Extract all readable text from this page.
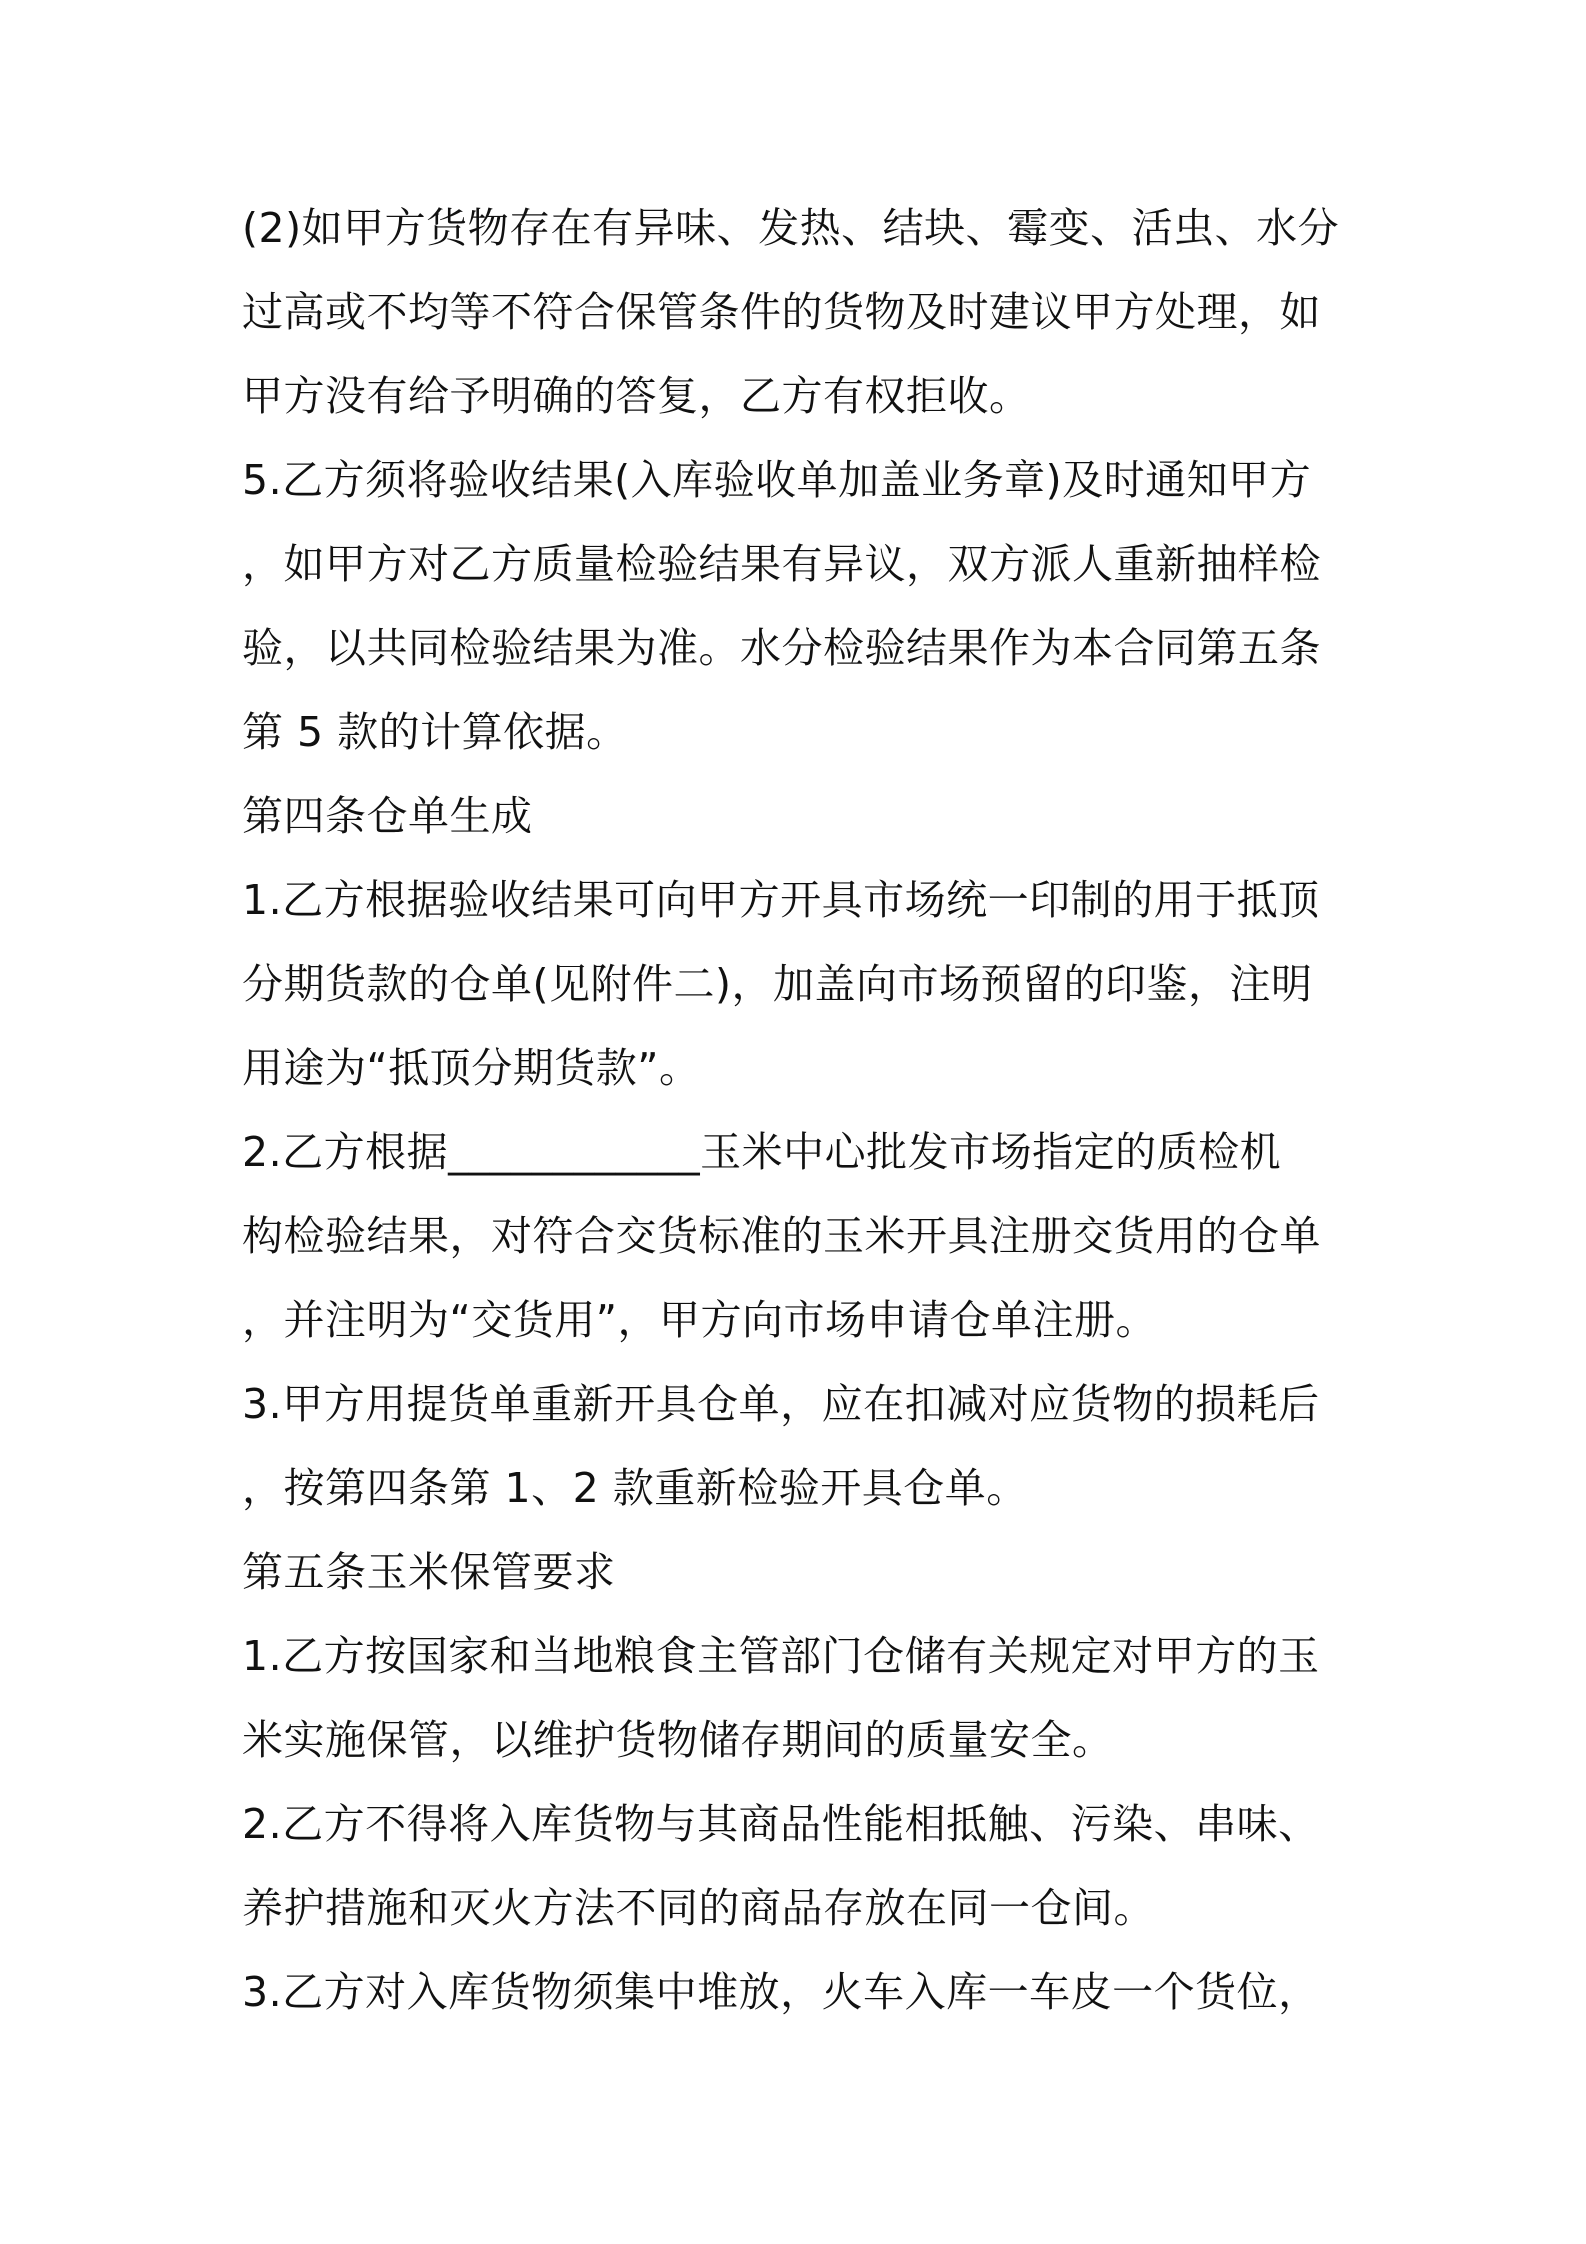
(2)如甲方货物存在有异味、发热、结块、霉变、活虫、水分
过高或不均等不符合保管条件的货物及时建议甲方处理，如
甲方没有给予明确的答复，乙方有权拒收。
5.乙方须将验收结果(入库验收单加盖业务章)及时通知甲方
，如甲方对乙方质量检验结果有异议，双方派人重新抽样检
验，以共同检验结果为准。水分检验结果作为本合同第五条
第 5 款的计算依据。
第四条仓单生成
1.乙方根据验收结果可向甲方开具市场统一印制的用于抵顶
分期货款的仓单(见附件二)，加盖向市场预留的印鉴，注明
用途为“抵顶分期货款”。
2.乙方根据____________玉米中心批发市场指定的质检机
构检验结果，对符合交货标准的玉米开具注册交货用的仓单
，并注明为“交货用”，甲方向市场申请仓单注册。
3.甲方用提货单重新开具仓单，应在扣减对应货物的损耗后
，按第四条第 1、2 款重新检验开具仓单。
第五条玉米保管要求
1.乙方按国家和当地粮食主管部门仓储有关规定对甲方的玉
米实施保管，以维护货物储存期间的质量安全。
2.乙方不得将入库货物与其商品性能相抵触、污染、串味、
养护措施和灭火方法不同的商品存放在同一仓间。
3.乙方对入库货物须集中堆放，火车入库一车皮一个货位，
